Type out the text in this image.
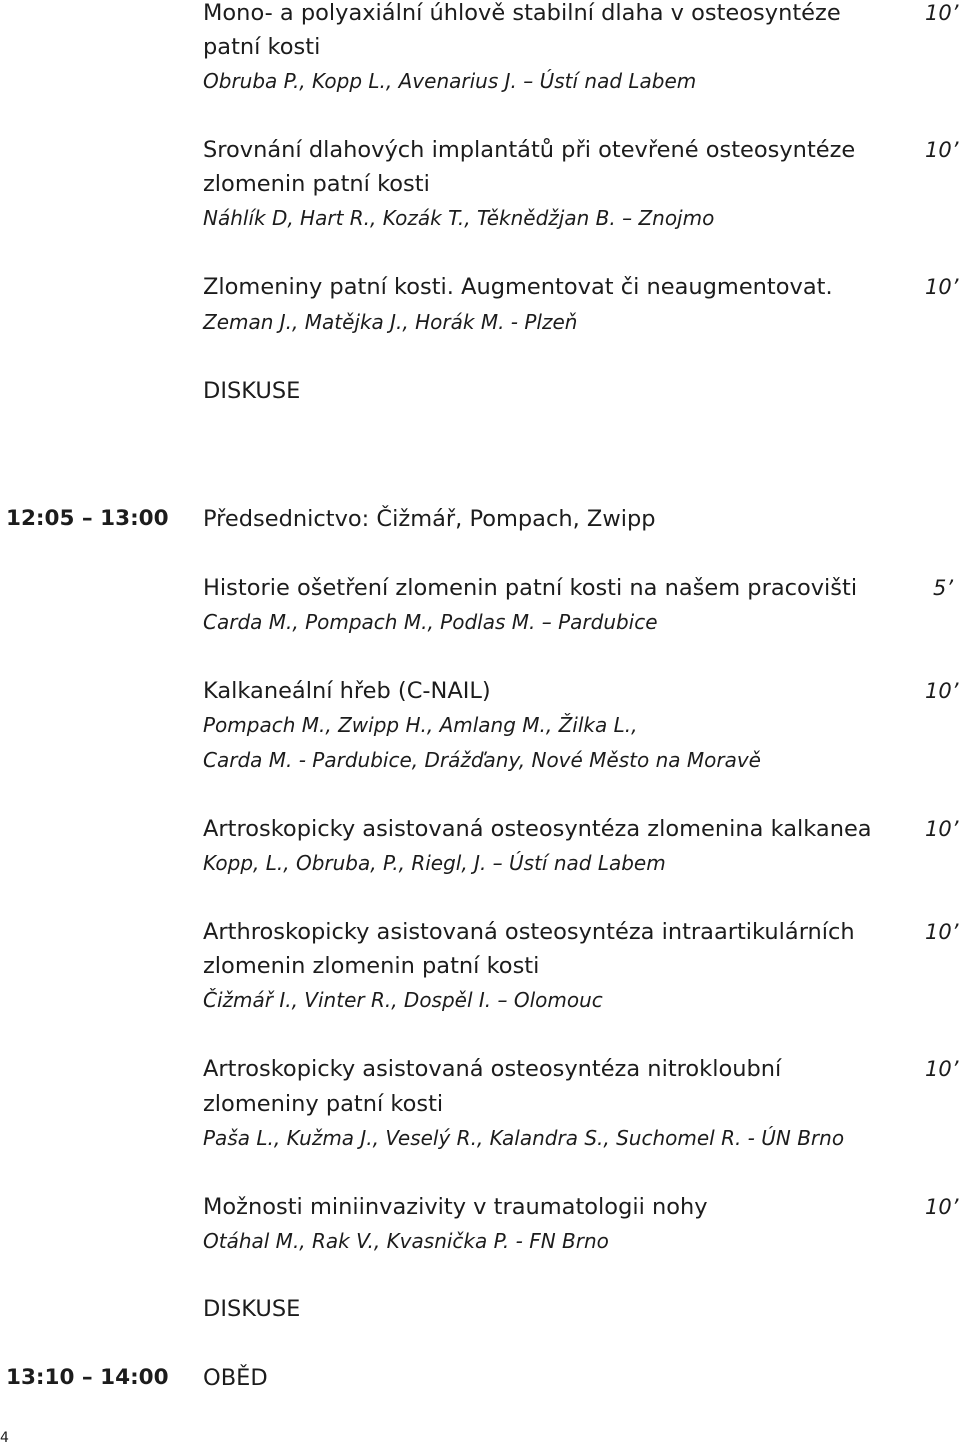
Mono- a polyaxiální úhlově stabilní dlaha v osteosyntéze
patní kosti
Obruba P., Kopp L., Avenarius J. – Ústí nad Labem
10’
Srovnání dlahových implantátů při otevřené osteosyntéze
zlomenin patní kosti
Náhlík D, Hart R., Kozák T., Těknědžjan B. – Znojmo
10’
Zlomeniny patní kosti. Augmentovat či neaugmentovat.
Zeman J., Matějka J., Horák M. - Plzeň
10’
DISKUSE
12:05 – 13:00 Předsednictvo: Čižmář, Pompach, Zwipp
Historie ošetření zlomenin patní kosti na našem pracovišti
Carda M., Pompach M., Podlas M. – Pardubice
5’
Kalkaneální hřeb (C-NAIL)
Pompach M., Zwipp H., Amlang M., Žilka L.,
Carda M. - Pardubice, Drážďany, Nové Město na Moravě
10’
Artroskopicky asistovaná osteosyntéza zlomenina kalkanea
Kopp, L., Obruba, P., Riegl, J. – Ústí nad Labem
10’
Arthroskopicky asistovaná osteosyntéza intraartikulárních
zlomenin zlomenin patní kosti
Čižmář I., Vinter R., Dospěl I. – Olomouc
10’
Artroskopicky asistovaná osteosyntéza nitrokloubní
zlomeniny patní kosti
Paša L., Kužma J., Veselý R., Kalandra S., Suchomel R. - ÚN Brno
10’
Možnosti miniinvazivity v traumatologii nohy
Otáhal M., Rak V., Kvasnička P. - FN Brno
10’
DISKUSE
13:10 – 14:00 OBĚD
4
